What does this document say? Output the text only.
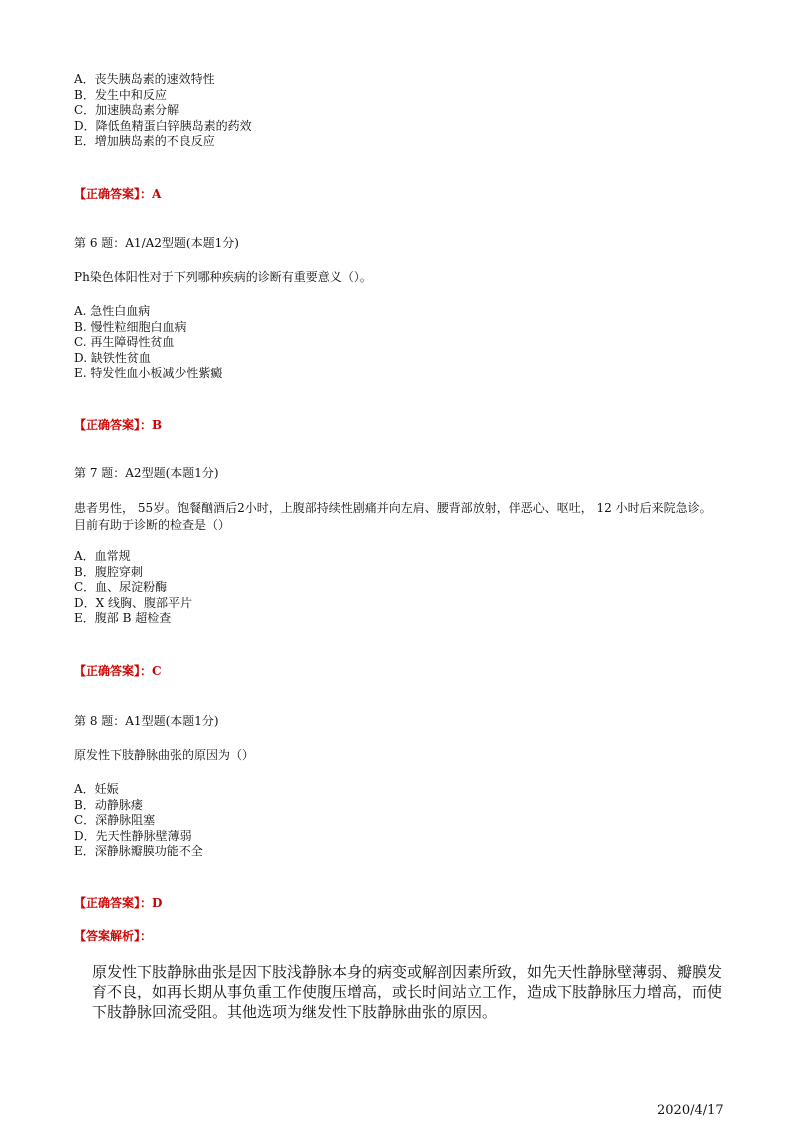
A．丧失胰岛素的速效特性
B．发生中和反应
C．加速胰岛素分解
D．降低鱼精蛋白锌胰岛素的药效
E．增加胰岛素的不良反应
【正确答案】：A
第 6 题：A1/A2型题(本题1分)
Ph染色体阳性对于下列哪种疾病的诊断有重要意义（）。
A. 急性白血病
B. 慢性粒细胞白血病
C. 再生障碍性贫血
D. 缺铁性贫血
E. 特发性血小板减少性紫癜
【正确答案】：B
第 7 题：A2型题(本题1分)
患者男性， 55岁。饱餐酗酒后2小时，上腹部持续性剧痛并向左肩、腰背部放射，伴恶心、呕吐， 12 小时后来院急诊。目前有助于诊断的检查是（）
A．血常规
B．腹腔穿刺
C．血、尿淀粉酶
D．X 线胸、腹部平片
E．腹部 B 超检查
【正确答案】：C
第 8 题：A1型题(本题1分)
原发性下肢静脉曲张的原因为（）
A．妊娠
B．动静脉瘘
C．深静脉阻塞
D．先天性静脉壁薄弱
E．深静脉瓣膜功能不全
【正确答案】：D
【答案解析】：
原发性下肢静脉曲张是因下肢浅静脉本身的病变或解剖因素所致，如先天性静脉壁薄弱、瓣膜发育不良，如再长期从事负重工作使腹压增高，或长时间站立工作，造成下肢静脉压力增高，而使下肢静脉回流受阻。其他选项为继发性下肢静脉曲张的原因。
2020/4/17
